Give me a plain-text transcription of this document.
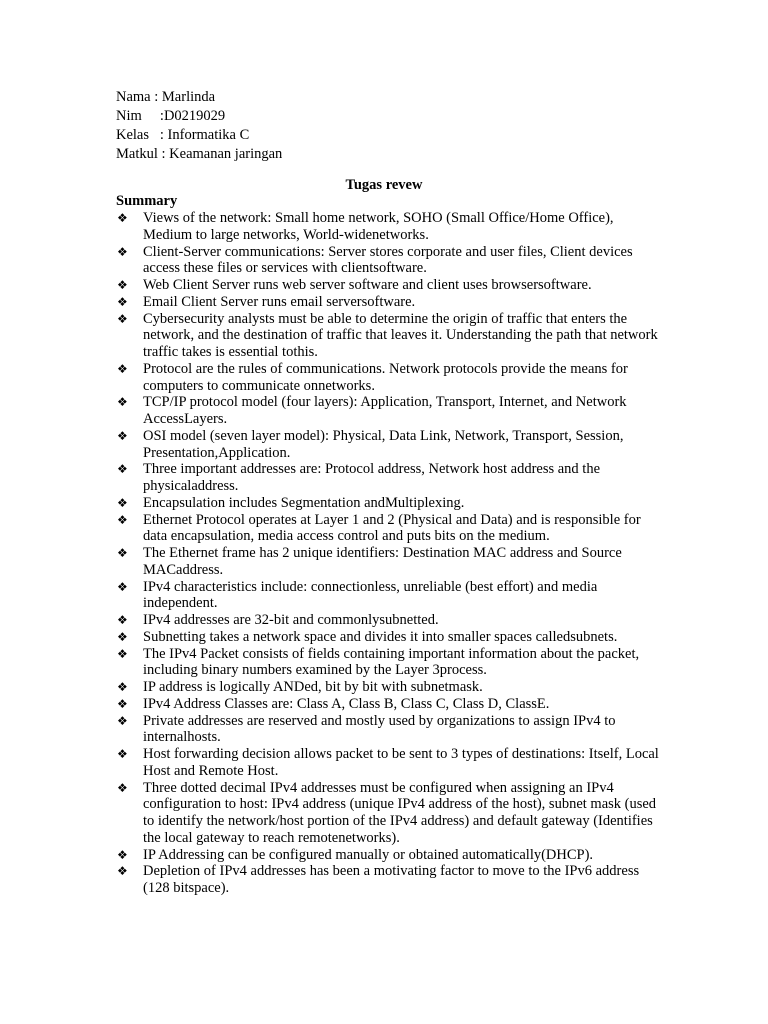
Nama : Marlinda
Nim     :D0219029
Kelas   : Informatika C
Matkul : Keamanan jaringan
Tugas revew
Summary
❖ Views of the network: Small home network, SOHO (Small Office/Home Office), Medium to large networks, World-widenetworks.
❖ Client-Server communications: Server stores corporate and user files, Client devices access these files or services with clientsoftware.
❖ Web Client Server runs web server software and client uses browsersoftware.
❖ Email Client Server runs email serversoftware.
❖ Cybersecurity analysts must be able to determine the origin of traffic that enters the network, and the destination of traffic that leaves it. Understanding the path that network traffic takes is essential tothis.
❖ Protocol are the rules of communications. Network protocols provide the means for computers to communicate onnetworks.
❖ TCP/IP protocol model (four layers): Application, Transport, Internet, and Network AccessLayers.
❖ OSI model (seven layer model): Physical, Data Link, Network, Transport, Session, Presentation,Application.
❖ Three important addresses are: Protocol address, Network host address and the physicaladdress.
❖ Encapsulation includes Segmentation andMultiplexing.
❖ Ethernet Protocol operates at Layer 1 and 2 (Physical and Data) and is responsible for data encapsulation, media access control and puts bits on the medium.
❖ The Ethernet frame has 2 unique identifiers: Destination MAC address and Source MACaddress.
❖ IPv4 characteristics include: connectionless, unreliable (best effort) and media independent.
❖ IPv4 addresses are 32-bit and commonlysubnetted.
❖ Subnetting takes a network space and divides it into smaller spaces calledsubnets.
❖ The IPv4 Packet consists of fields containing important information about the packet, including binary numbers examined by the Layer 3process.
❖ IP address is logically ANDed, bit by bit with subnetmask.
❖ IPv4 Address Classes are: Class A, Class B, Class C, Class D, ClassE.
❖ Private addresses are reserved and mostly used by organizations to assign IPv4 to internalhosts.
❖ Host forwarding decision allows packet to be sent to 3 types of destinations: Itself, Local Host and Remote Host.
❖ Three dotted decimal IPv4 addresses must be configured when assigning an IPv4 configuration to host: IPv4 address (unique IPv4 address of the host), subnet mask (used to identify the network/host portion of the IPv4 address) and default gateway (Identifies the local gateway to reach remotenetworks).
❖ IP Addressing can be configured manually or obtained automatically(DHCP).
❖ Depletion of IPv4 addresses has been a motivating factor to move to the IPv6 address (128 bitspace).
